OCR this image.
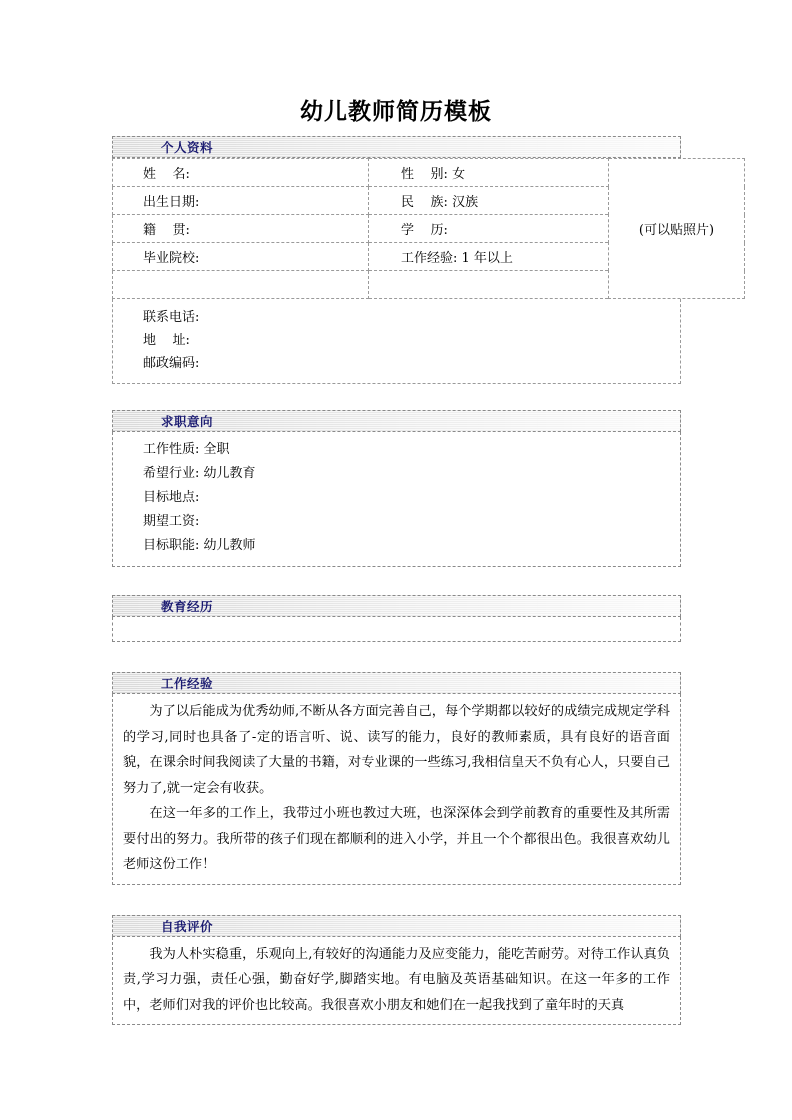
幼儿教师简历模板
个人资料
姓    名:	性    别: 女	(可以贴照片)
出生日期:	民    族: 汉族	
籍    贯:	学    历:	
毕业院校:	工作经验: 1 年以上	

联系电话:
地    址:
邮政编码:
求职意向
工作性质: 全职
希望行业: 幼儿教育
目标地点:
期望工资:
目标职能: 幼儿教师
教育经历
工作经验

为了以后能成为优秀幼师,不断从各方面完善自己，每个学期都以较好的成绩完成规定学科的学习,同时也具备了-定的语言听、说、读写的能力，良好的教师素质，具有良好的语音面貌，在课余时间我阅读了大量的书籍，对专业课的一些练习,我相信皇天不负有心人，只要自己努力了,就一定会有收获。

在这一年多的工作上，我带过小班也教过大班，也深深体会到学前教育的重要性及其所需要付出的努力。我所带的孩子们现在都顺利的进入小学，并且一个个都很出色。我很喜欢幼儿老师这份工作！

自我评价

我为人朴实稳重，乐观向上,有较好的沟通能力及应变能力，能吃苦耐劳。对待工作认真负责,学习力强，责任心强，勤奋好学,脚踏实地。有电脑及英语基础知识。在这一年多的工作中，老师们对我的评价也比较高。我很喜欢小朋友和她们在一起我找到了童年时的天真
